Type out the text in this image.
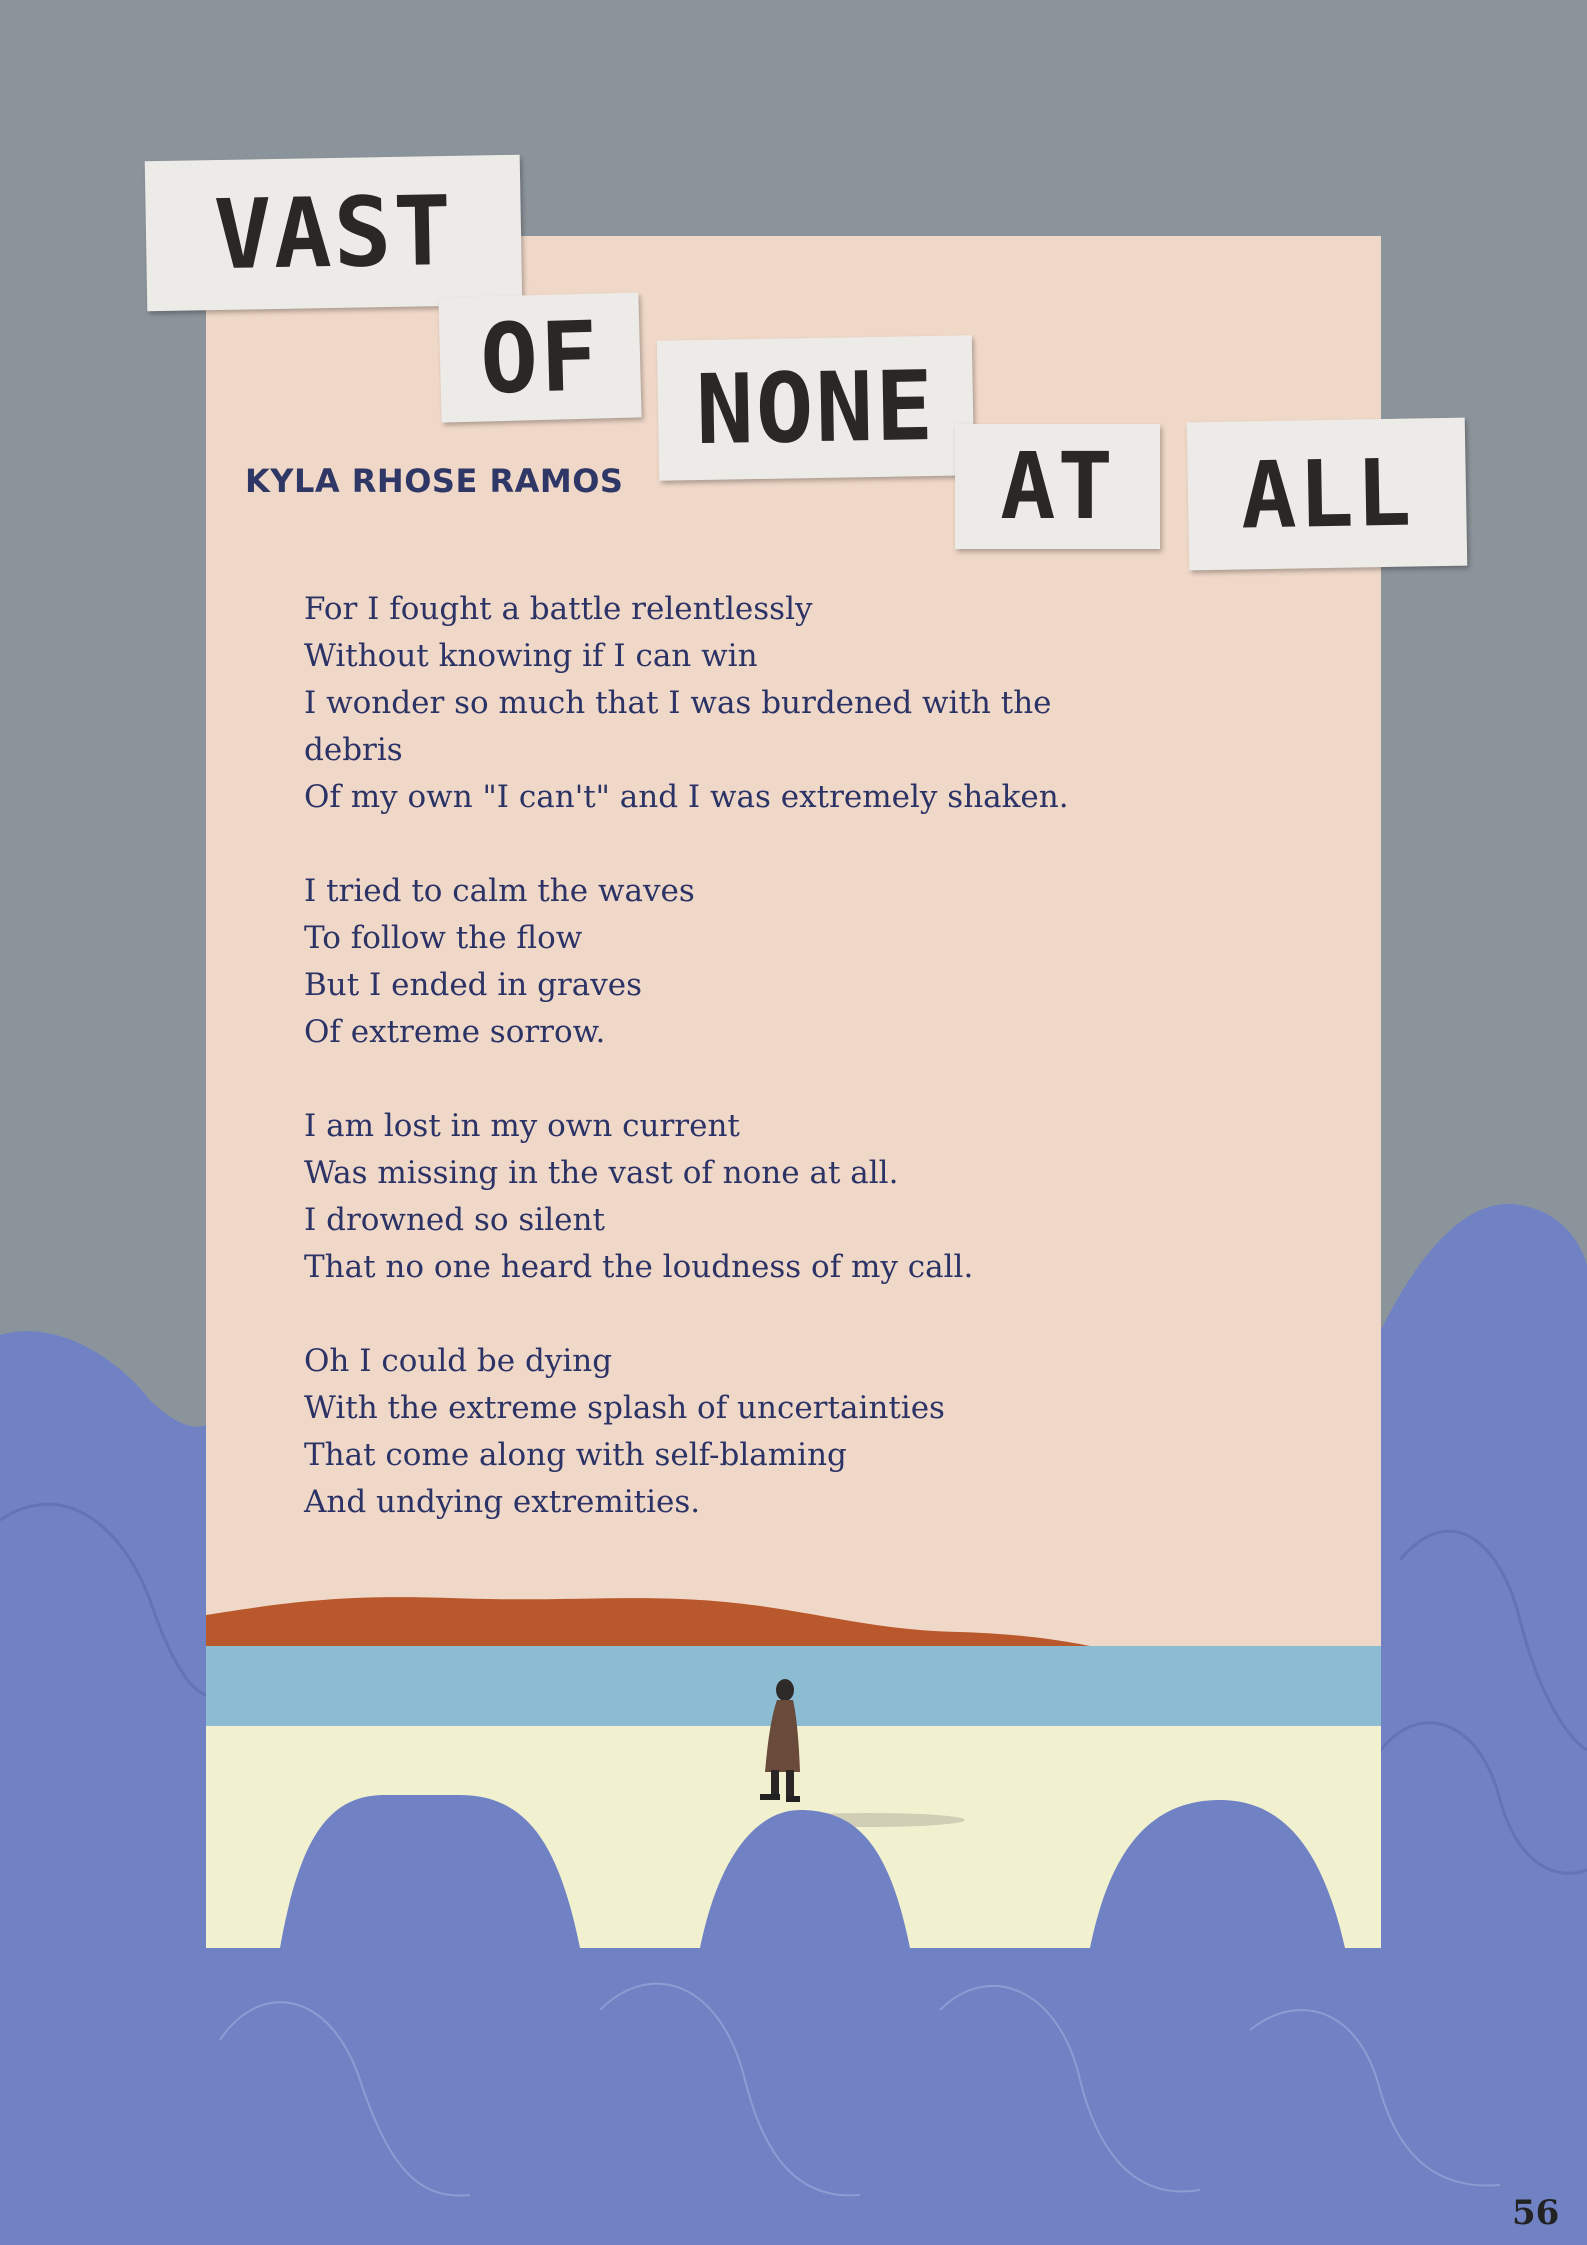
VAST
OF NONE
AT	ALL
KYLA RHOSE RAMOS
For I fought a battle relentlessly
Without knowing if I can win
I wonder so much that I was burdened with the
debris
Of my own "I can't" and I was extremely shaken.
I tried to calm the waves
To follow the flow
But I ended in graves
Of extreme sorrow.
I am lost in my own current
Was missing in the vast of none at all.
I drowned so silent
That no one heard the loudness of my call.
Oh I could be dying
With the extreme splash of uncertainties
That come along with self-blaming
And undying extremities.
56
